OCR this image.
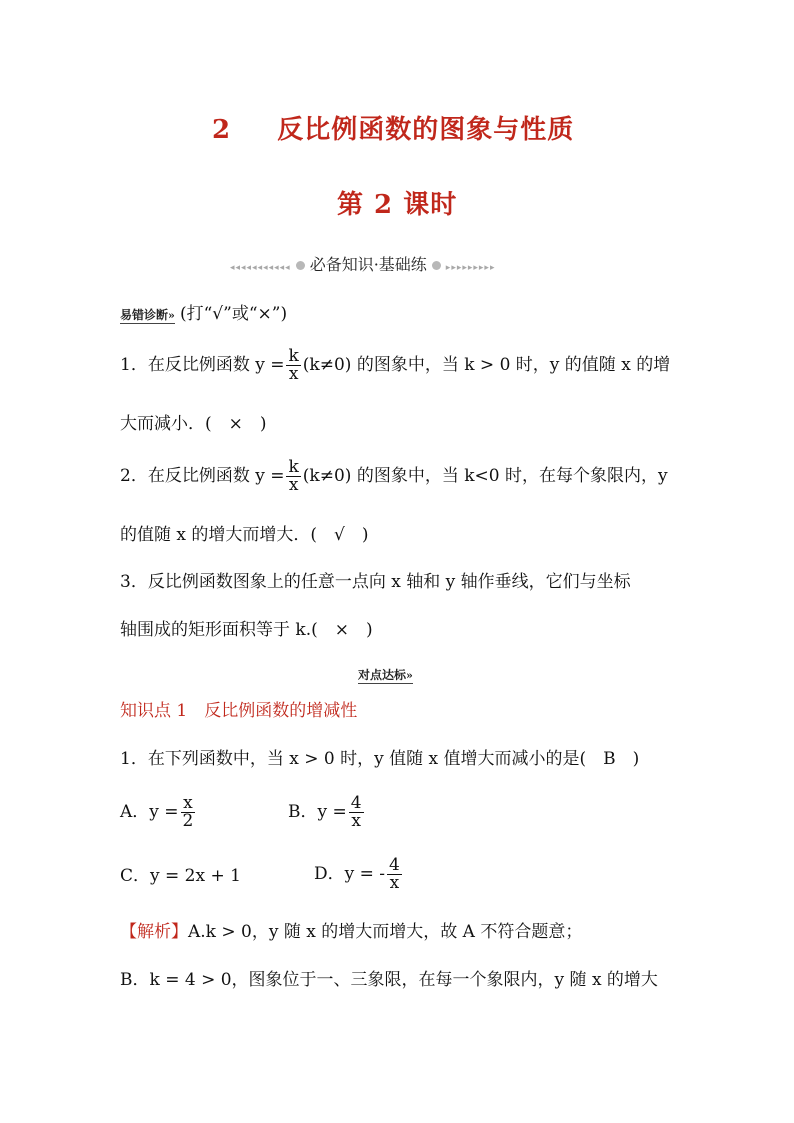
2 反比例函数的图象与性质
第 2 课时
◂◂◂◂◂◂◂◂◂◂◂ 必备知识·基础练 ▸▸▸▸▸▸▸▸▸
易错诊断» (打“√”或“×”)
1．在反比例函数 $y = \frac{k}{x} (k\ne 0)$ 的图象中，当 k > 0 时，y 的值随 x 的增
大而减小．(　×　)
2．在反比例函数 $y = \frac{k}{x} (k\ne 0)$ 的图象中，当 k<0 时，在每个象限内，y
的值随 x 的增大而增大．(　√　)
3．反比例函数图象上的任意一点向 x 轴和 y 轴作垂线，它们与坐标
轴围成的矩形面积等于 k.(　×　)
对点达标»
知识点 1　反比例函数的增减性
1．在下列函数中，当 x > 0 时，y 值随 x 值增大而减小的是(　B　)
A．$y = \frac{x}{2}$	B．$y = \frac{4}{x}$
C．y = 2x + 1	D．y = - $\frac{4}{x}$
【解析】A.k > 0，y 随 x 的增大而增大，故 A 不符合题意；
B．k = 4 > 0，图象位于一、三象限，在每一个象限内，y 随 x 的增大
